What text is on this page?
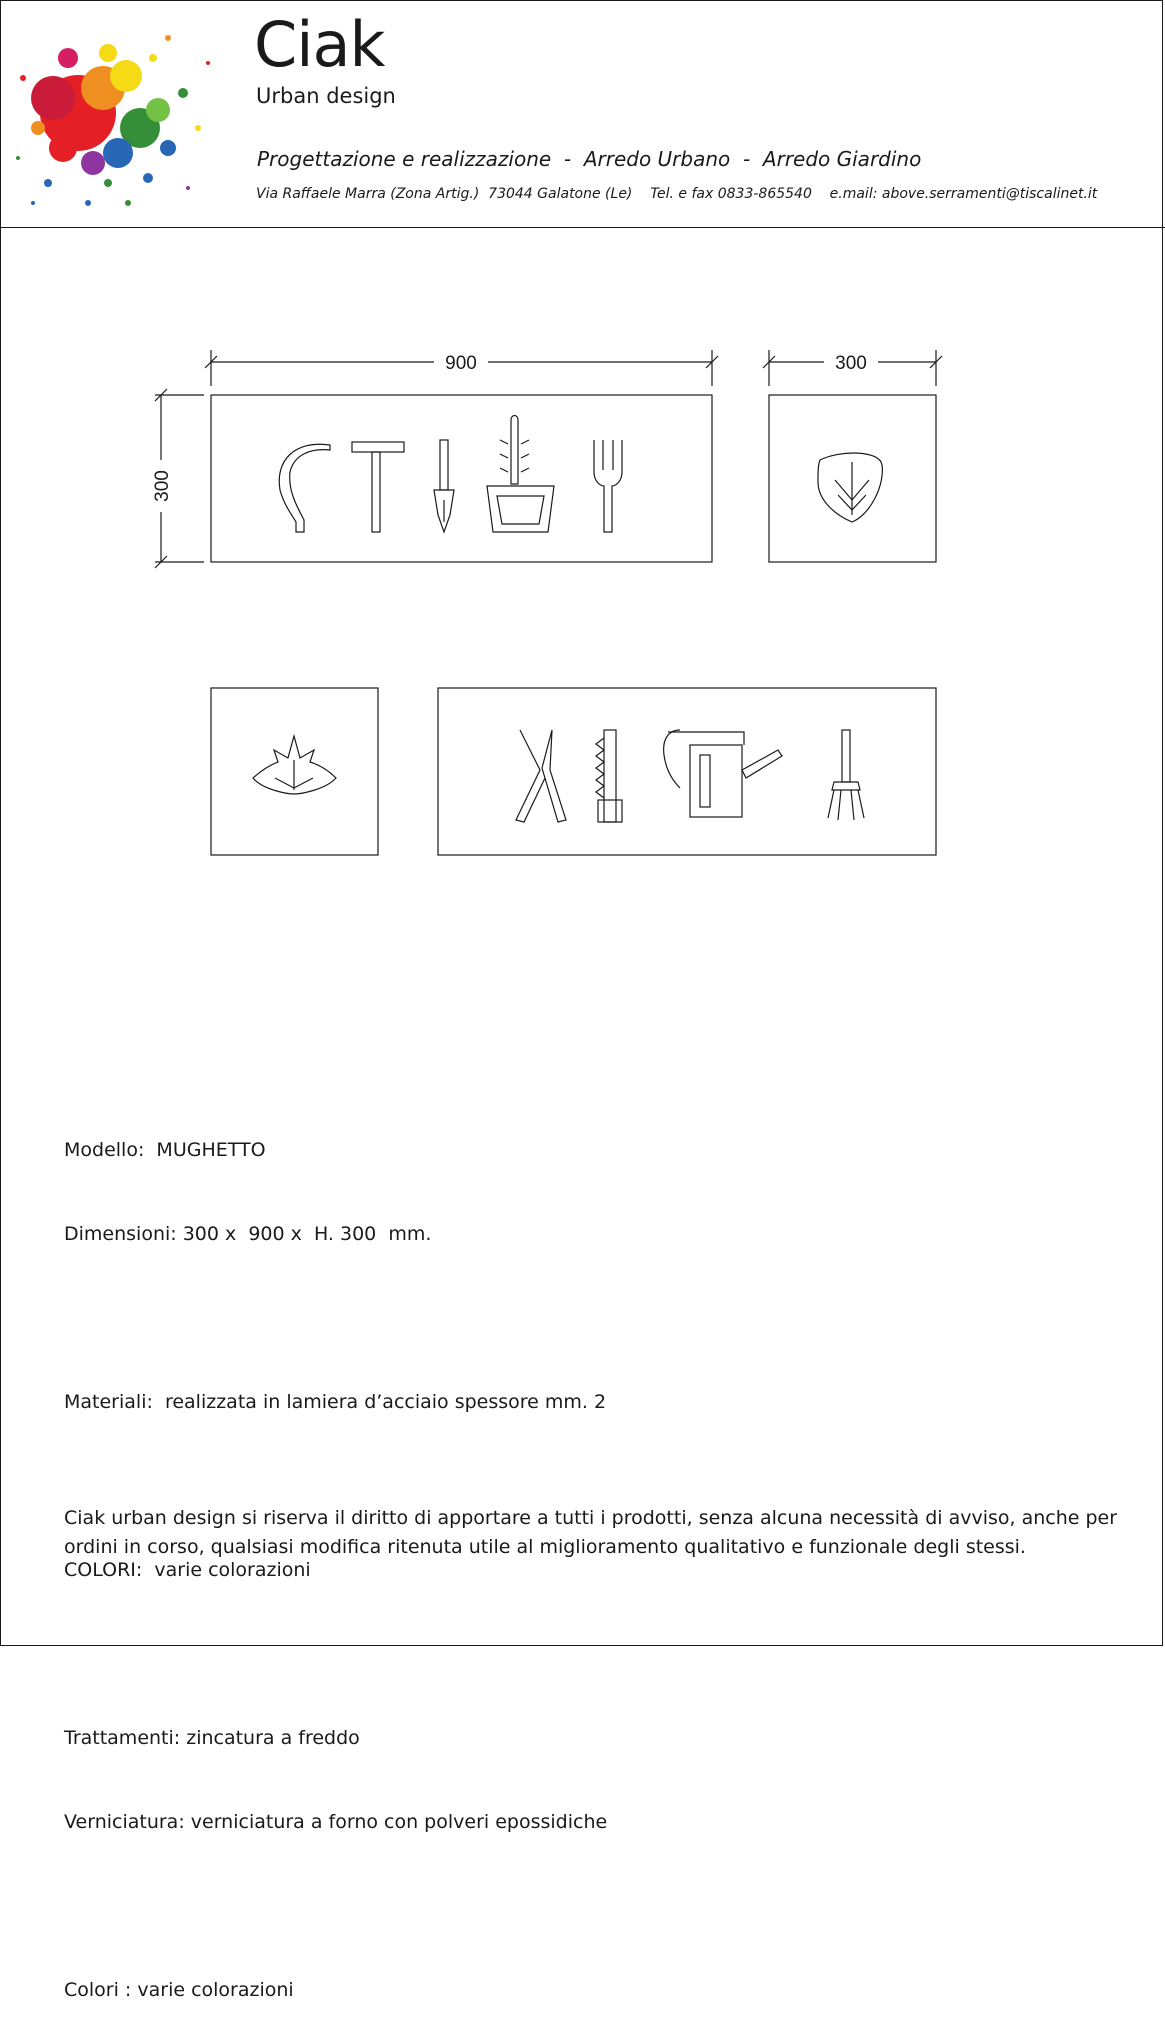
Ciak
Urban design
Progettazione e realizzazione  -  Arredo Urbano  -  Arredo Giardino
Via Raffaele Marra (Zona Artig.)  73044 Galatone (Le)    Tel. e fax 0833-865540    e.mail: above.serramenti@tiscalinet.it
900	300
300

Modello:  MUGHETTO

Dimensioni: 300 x  900 x  H. 300  mm.

Materiali:  realizzata in lamiera d’acciaio spessore mm. 2

COLORI:  varie colorazioni

Trattamenti: zincatura a freddo

Verniciatura: verniciatura a forno con polveri epossidiche

Colori : varie colorazioni

Ciak urban design si riserva il diritto di apportare a tutti i prodotti, senza alcuna necessità di avviso, anche per ordini in corso, qualsiasi modifica ritenuta utile al miglioramento qualitativo e funzionale degli stessi.
